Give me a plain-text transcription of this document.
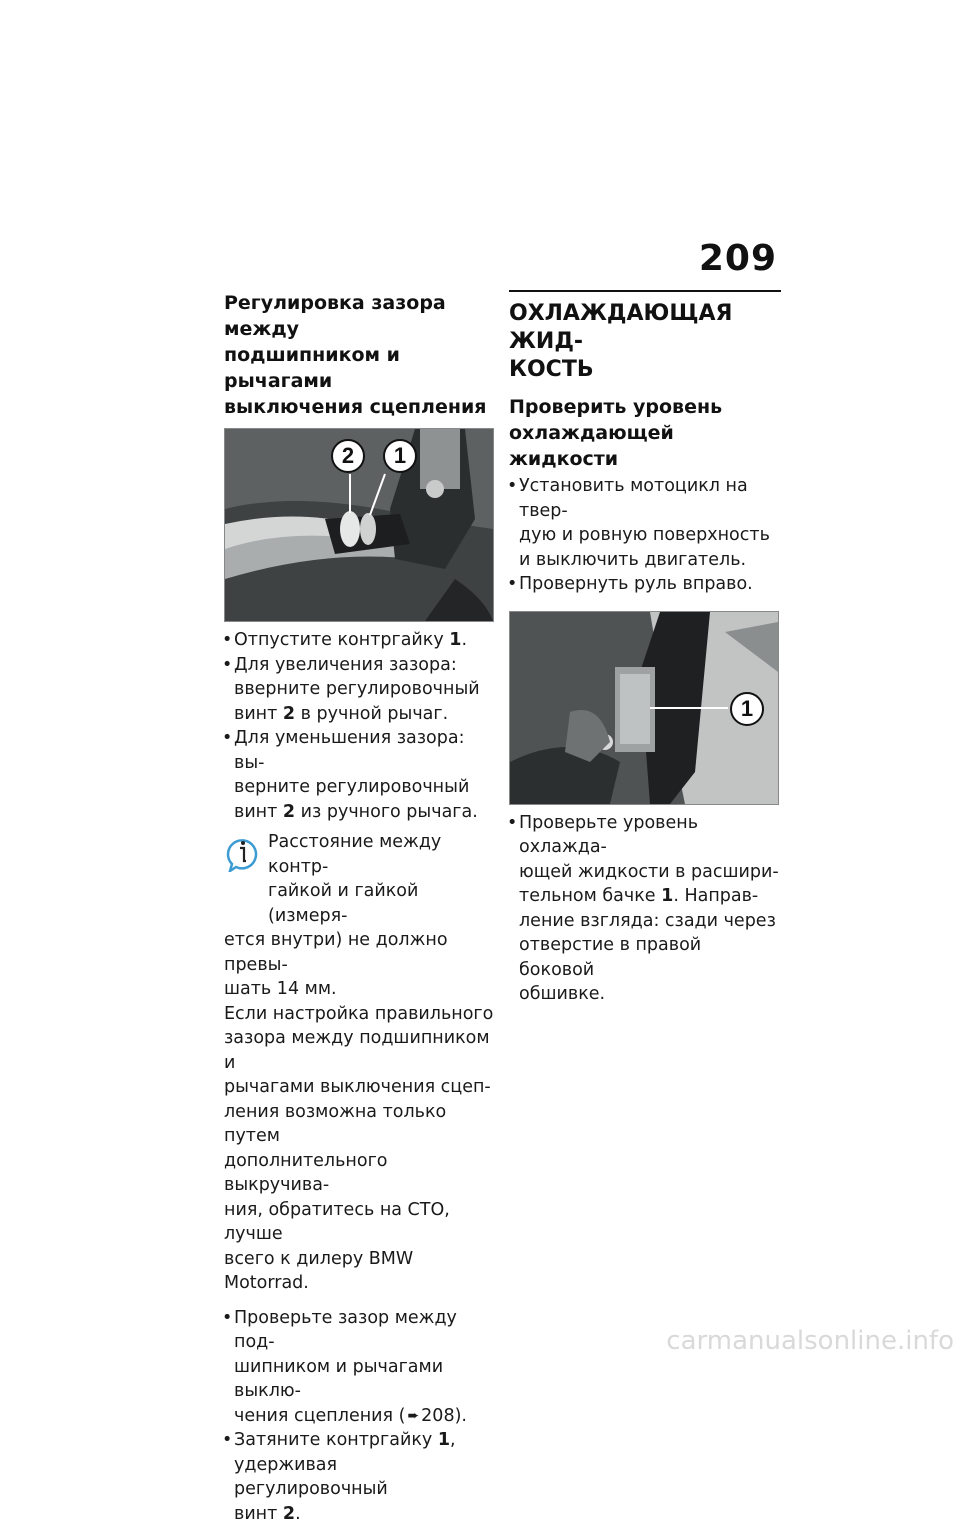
209
Регулировка зазора между
подшипником и рычагами
выключения сцепления
2	1
• Отпустите контргайку 1.
• Для увеличения зазора:
вверните регулировочный
винт 2 в ручной рычаг.
• Для уменьшения зазора: вы-
верните регулировочный
винт 2 из ручного рычага.
Расстояние между контр-
гайкой и гайкой (измеря-
ется внутри) не должно превы-
шать 14 мм.
Если настройка правильного
зазора между подшипником и
рычагами выключения сцеп-
ления возможна только путем
дополнительного выкручива-
ния, обратитесь на СТО, лучше
всего к дилеру BMW Motorrad.
• Проверьте зазор между под-
шипником и рычагами выклю-
чения сцепления ( ➨ 208).
• Затяните контргайку 1,
удерживая регулировочный
винт 2.
ОХЛАЖДАЮЩАЯ ЖИД-
КОСТЬ
Проверить уровень
охлаждающей жидкости
• Установить мотоцикл на твер-
дую и ровную поверхность
и выключить двигатель.
• Провернуть руль вправо.
1
• Проверьте уровень охлажда-
ющей жидкости в расшири-
тельном бачке 1. Направ-
ление взгляда: сзади через
отверстие в правой боковой
обшивке.
carmanualsonline.info
